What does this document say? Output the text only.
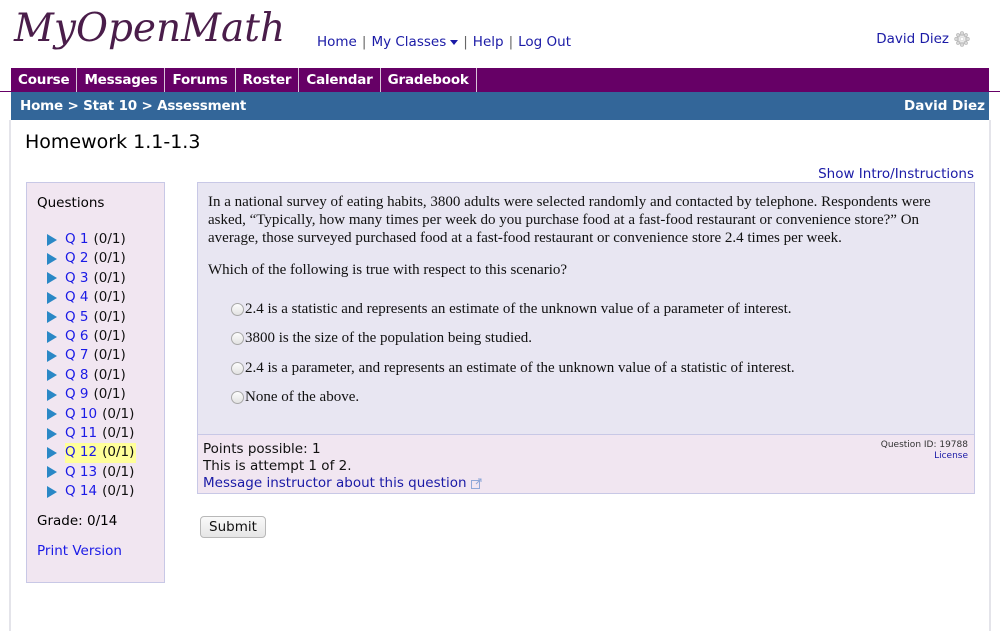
MyOpenMath Home | My Classes | Help | Log Out	David Diez
Course	Messages	Forums	Roster	Calendar	Gradebook
Home > Stat 10 > Assessment	David Diez
Homework 1.1-1.3
Show Intro/Instructions
Questions
Q 1 (0/1)
Q 2 (0/1)
Q 3 (0/1)
Q 4 (0/1)
Q 5 (0/1)
Q 6 (0/1)
Q 7 (0/1)
Q 8 (0/1)
Q 9 (0/1)
Q 10 (0/1)
Q 11 (0/1)
Q 12 (0/1)
Q 13 (0/1)
Q 14 (0/1)
Grade: 0/14
Print Version
In a national survey of eating habits, 3800 adults were selected randomly and contacted by telephone. Respondents were asked, “Typically, how many times per week do you purchase food at a fast-food restaurant or convenience store?” On average, those surveyed purchased food at a fast-food restaurant or convenience store 2.4 times per week.
Which of the following is true with respect to this scenario?
2.4 is a statistic and represents an estimate of the unknown value of a parameter of interest.
3800 is the size of the population being studied.
2.4 is a parameter, and represents an estimate of the unknown value of a statistic of interest.
None of the above.
Points possible: 1
This is attempt 1 of 2.
Message instructor about this question
Question ID: 19788
License
Submit
